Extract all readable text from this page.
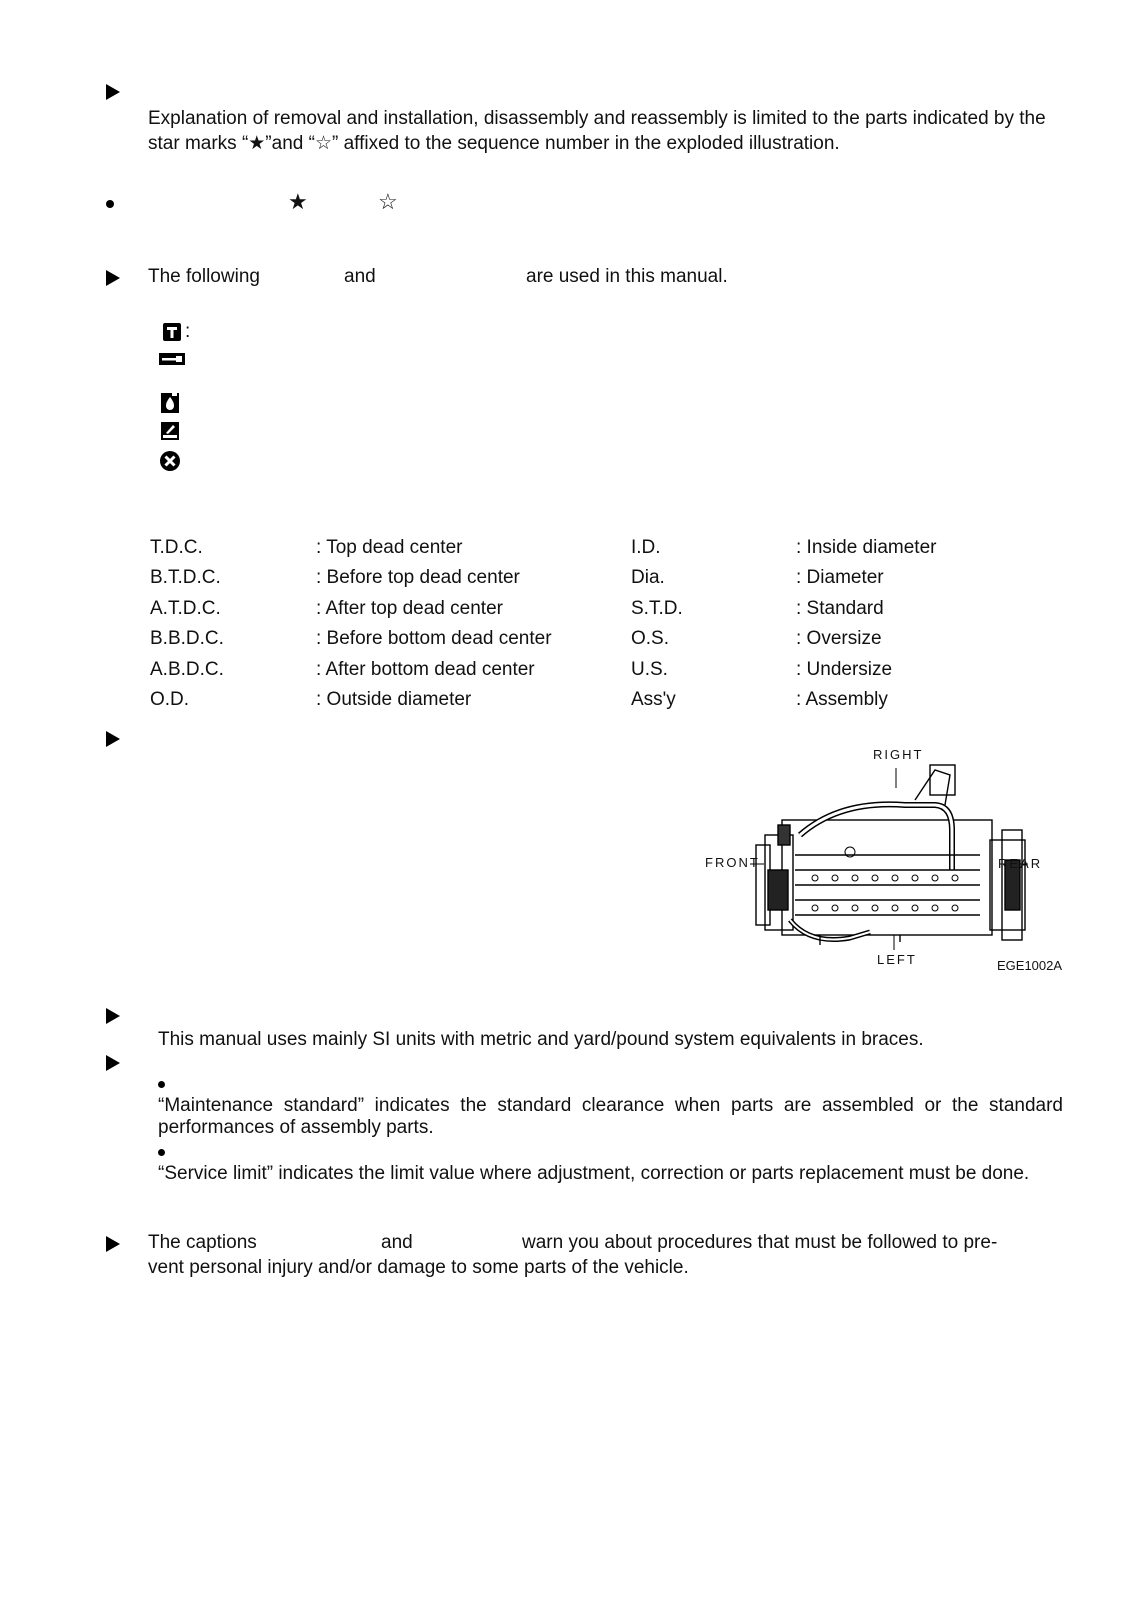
Explanation of removal and installation, disassembly and reassembly is limited to the parts indicated by the star marks “★”and “☆” affixed to the sequence number in the exploded illustration.
★	☆
The following	and	are used in this manual.
:
T.D.C.	: Top dead center	I.D.	: Inside diameter
B.T.D.C.	: Before top dead center	Dia.	: Diameter
A.T.D.C.	: After top dead center	S.T.D.	: Standard
B.B.D.C.	: Before bottom dead center	O.S.	: Oversize
A.B.D.C.	: After bottom dead center	U.S.	: Undersize
O.D.	: Outside diameter	Ass'y	: Assembly
RIGHT
FRONT	REAR
LEFT	EGE1002A
This manual uses mainly SI units with metric and yard/pound system equivalents in braces.
“Maintenance standard” indicates the standard clearance when parts are assembled or the standard performances of assembly parts.
“Service limit” indicates the limit value where adjustment, correction or parts replacement must be done.
The captions	and	warn you about procedures that must be followed to pre-
vent personal injury and/or damage to some parts of the vehicle.
